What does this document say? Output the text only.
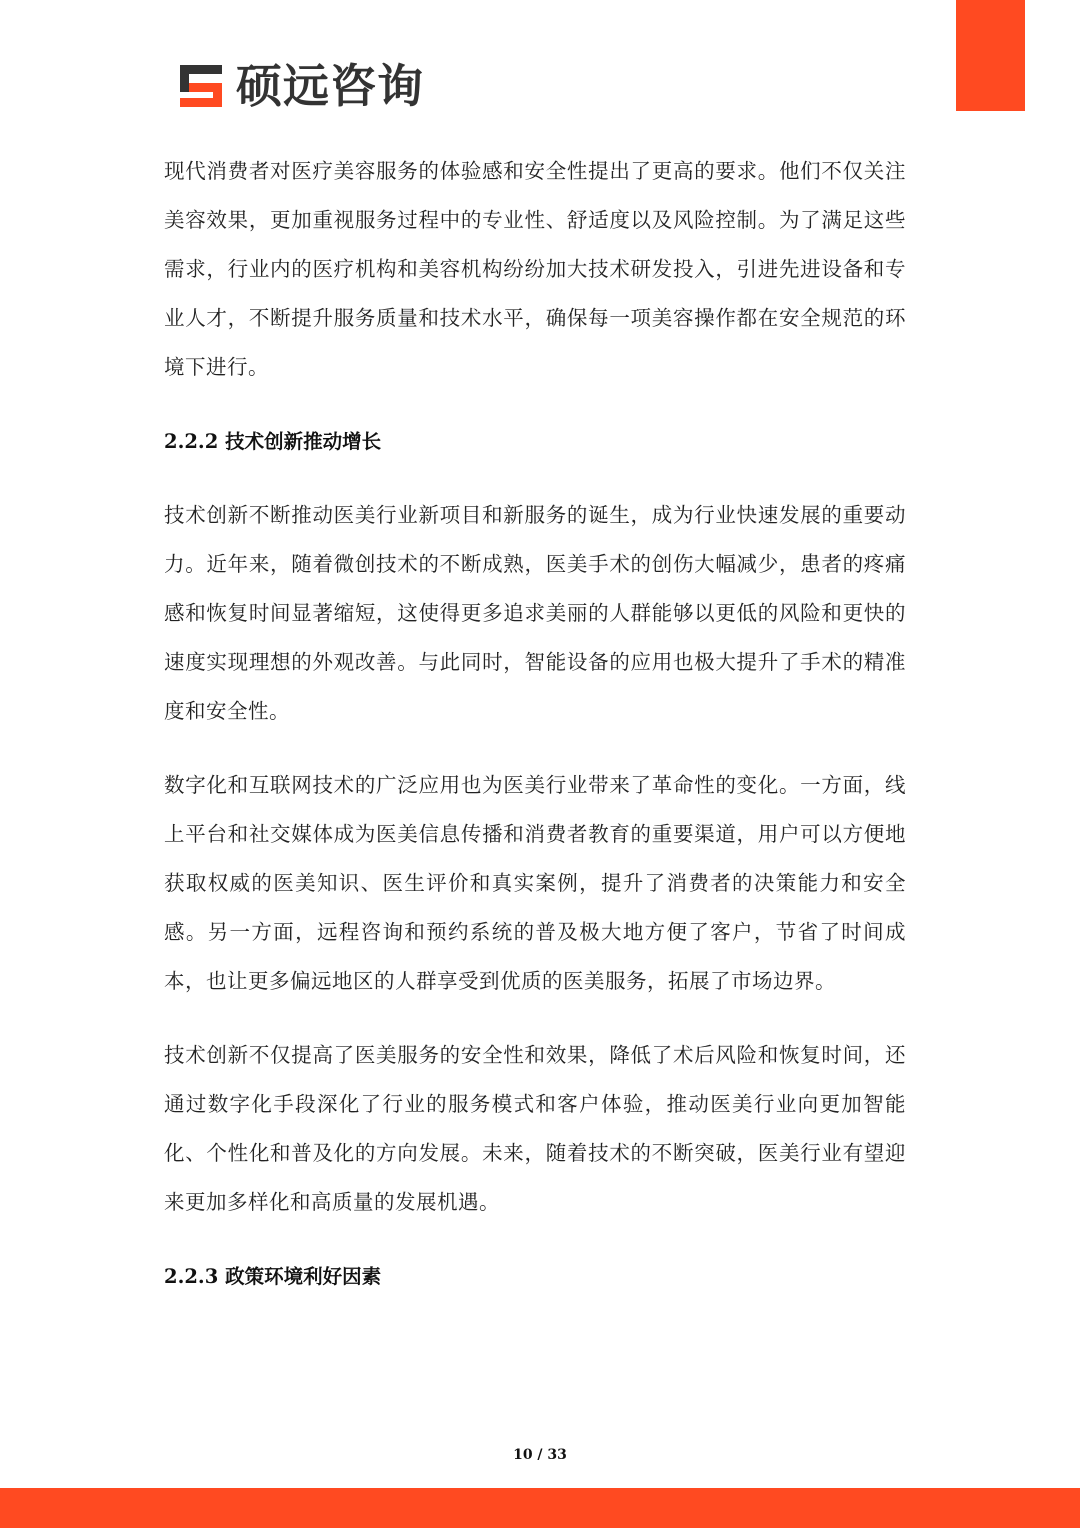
硕远咨询

现代消费者对医疗美容服务的体验感和安全性提出了更高的要求。他们不仅关注美容效果，更加重视服务过程中的专业性、舒适度以及风险控制。为了满足这些需求，行业内的医疗机构和美容机构纷纷加大技术研发投入，引进先进设备和专业人才，不断提升服务质量和技术水平，确保每一项美容操作都在安全规范的环境下进行。

2.2.2 技术创新推动增长

技术创新不断推动医美行业新项目和新服务的诞生，成为行业快速发展的重要动力。近年来，随着微创技术的不断成熟，医美手术的创伤大幅减少，患者的疼痛感和恢复时间显著缩短，这使得更多追求美丽的人群能够以更低的风险和更快的速度实现理想的外观改善。与此同时，智能设备的应用也极大提升了手术的精准度和安全性。

数字化和互联网技术的广泛应用也为医美行业带来了革命性的变化。一方面，线上平台和社交媒体成为医美信息传播和消费者教育的重要渠道，用户可以方便地获取权威的医美知识、医生评价和真实案例，提升了消费者的决策能力和安全感。另一方面，远程咨询和预约系统的普及极大地方便了客户，节省了时间成本，也让更多偏远地区的人群享受到优质的医美服务，拓展了市场边界。

技术创新不仅提高了医美服务的安全性和效果，降低了术后风险和恢复时间，还通过数字化手段深化了行业的服务模式和客户体验，推动医美行业向更加智能化、个性化和普及化的方向发展。未来，随着技术的不断突破，医美行业有望迎来更加多样化和高质量的发展机遇。

2.2.3 政策环境利好因素

10 / 33
